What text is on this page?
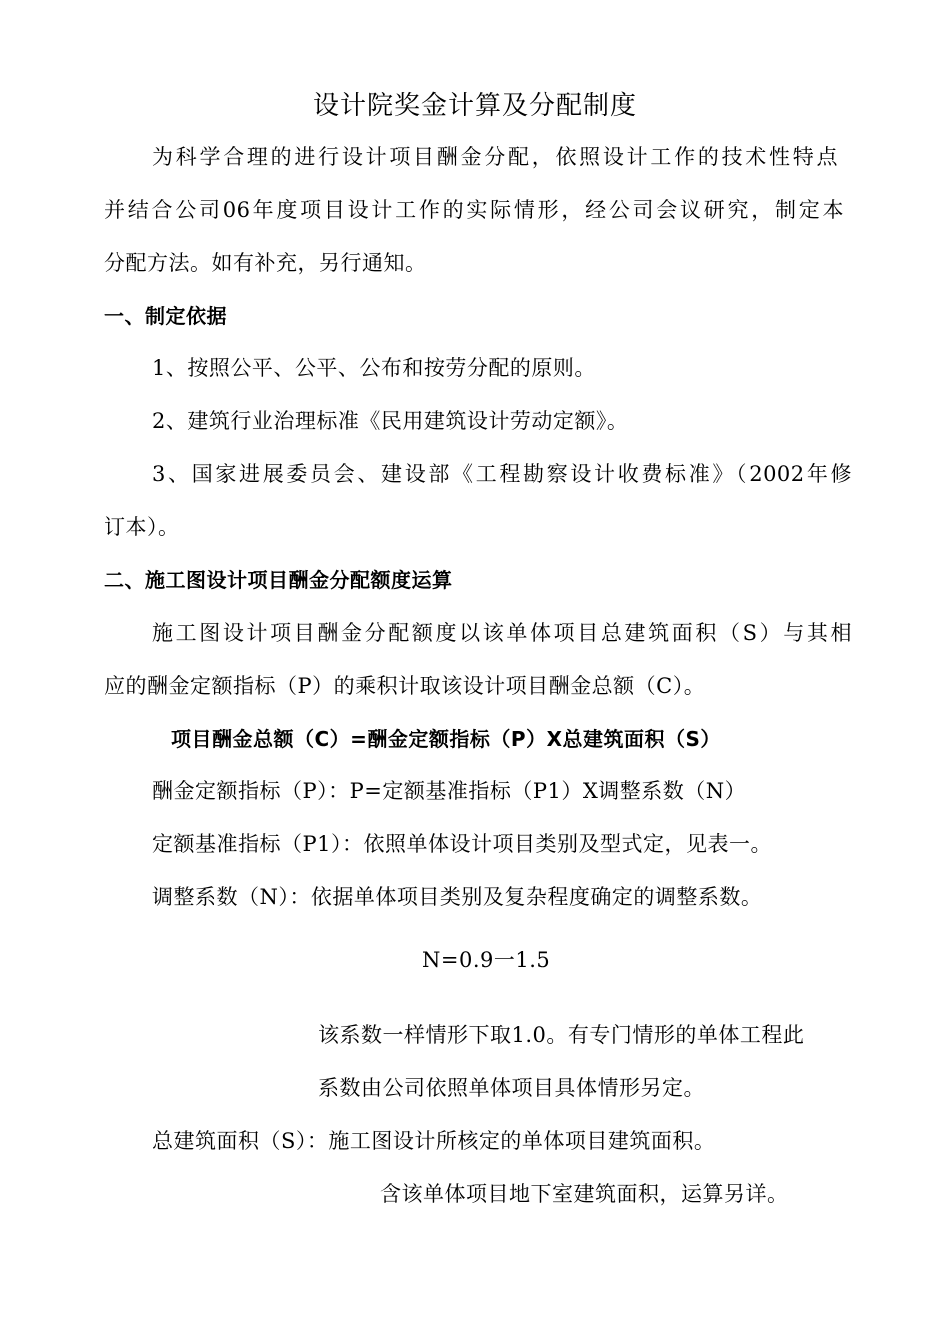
设计院奖金计算及分配制度
为科学合理的进行设计项目酬金分配，依照设计工作的技术性特点
并结合公司06年度项目设计工作的实际情形，经公司会议研究，制定本
分配方法。如有补充，另行通知。
一、制定依据
1、按照公平、公平、公布和按劳分配的原则。
2、建筑行业治理标准《民用建筑设计劳动定额》。
3、国家进展委员会、建设部《工程勘察设计收费标准》（2002年修
订本）。
二、施工图设计项目酬金分配额度运算
施工图设计项目酬金分配额度以该单体项目总建筑面积（S）与其相
应的酬金定额指标（P）的乘积计取该设计项目酬金总额（C）。
项目酬金总额（C）=酬金定额指标（P）X总建筑面积（S）
酬金定额指标（P）：P=定额基准指标（P1）X调整系数（N）
定额基准指标（P1）：依照单体设计项目类别及型式定，见表一。
调整系数（N）：依据单体项目类别及复杂程度确定的调整系数。
N=0.9一1.5
该系数一样情形下取1.0。有专门情形的单体工程此
系数由公司依照单体项目具体情形另定。
总建筑面积（S）：施工图设计所核定的单体项目建筑面积。
含该单体项目地下室建筑面积，运算另详。
